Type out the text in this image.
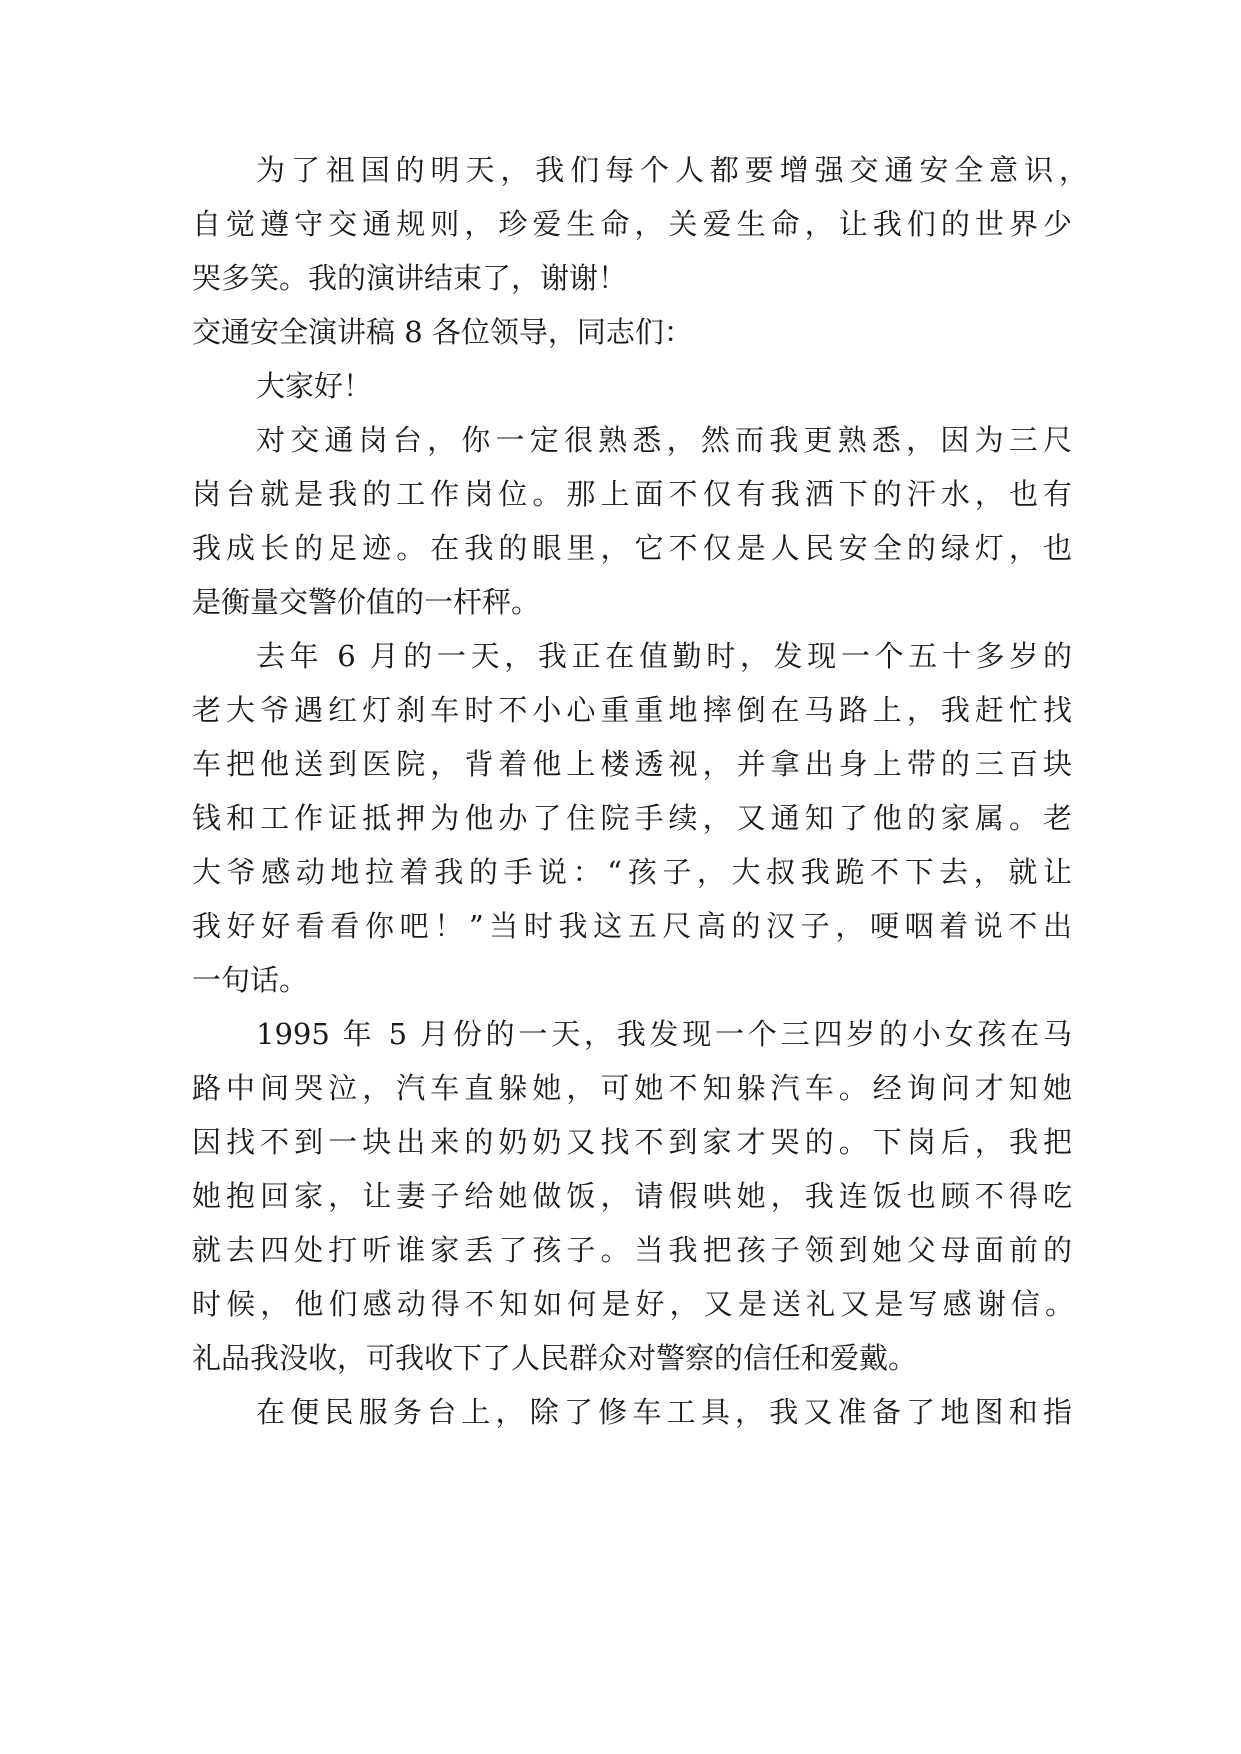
为了祖国的明天，我们每个人都要增强交通安全意识，
自觉遵守交通规则，珍爱生命，关爱生命，让我们的世界少
哭多笑。我的演讲结束了，谢谢！
交通安全演讲稿 8 各位领导，同志们：
大家好！
对交通岗台，你一定很熟悉，然而我更熟悉，因为三尺
岗台就是我的工作岗位。那上面不仅有我洒下的汗水，也有
我成长的足迹。在我的眼里，它不仅是人民安全的绿灯，也
是衡量交警价值的一杆秤。
去年 6 月的一天，我正在值勤时，发现一个五十多岁的
老大爷遇红灯刹车时不小心重重地摔倒在马路上，我赶忙找
车把他送到医院，背着他上楼透视，并拿出身上带的三百块
钱和工作证抵押为他办了住院手续，又通知了他的家属。老
大爷感动地拉着我的手说：“孩子，大叔我跪不下去，就让
我好好看看你吧！”当时我这五尺高的汉子，哽咽着说不出
一句话。
1995 年 5 月份的一天，我发现一个三四岁的小女孩在马
路中间哭泣，汽车直躲她，可她不知躲汽车。经询问才知她
因找不到一块出来的奶奶又找不到家才哭的。下岗后，我把
她抱回家，让妻子给她做饭，请假哄她，我连饭也顾不得吃
就去四处打听谁家丢了孩子。当我把孩子领到她父母面前的
时候，他们感动得不知如何是好，又是送礼又是写感谢信。
礼品我没收，可我收下了人民群众对警察的信任和爱戴。
在便民服务台上，除了修车工具，我又准备了地图和指
